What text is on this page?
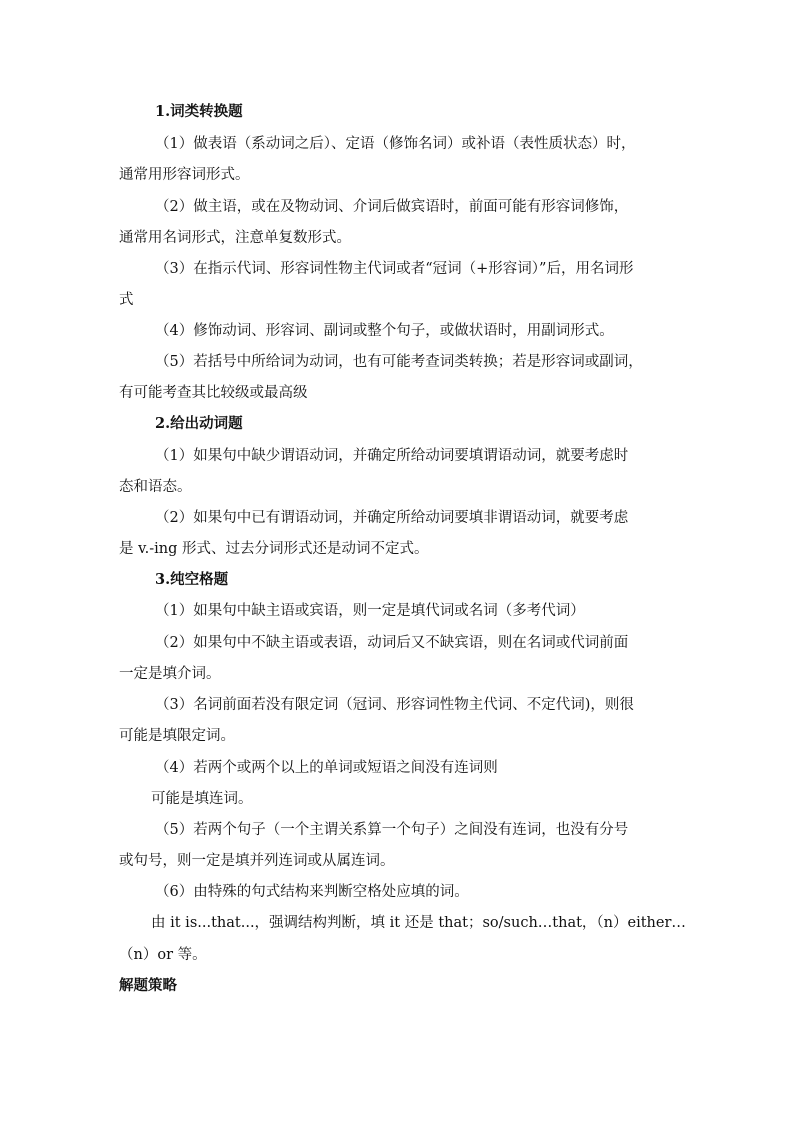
1.词类转换题
（1）做表语（系动词之后）、定语（修饰名词）或补语（表性质状态）时，
通常用形容词形式。
（2）做主语，或在及物动词、介词后做宾语时，前面可能有形容词修饰，
通常用名词形式，注意单复数形式。
（3）在指示代词、形容词性物主代词或者“冠词（+形容词）”后，用名词形
式
（4）修饰动词、形容词、副词或整个句子，或做状语时，用副词形式。
（5）若括号中所给词为动词，也有可能考查词类转换；若是形容词或副词，
有可能考查其比较级或最高级
2.给出动词题
（1）如果句中缺少谓语动词，并确定所给动词要填谓语动词，就要考虑时
态和语态。
（2）如果句中已有谓语动词，并确定所给动词要填非谓语动词，就要考虑
是 v.-ing 形式、过去分词形式还是动词不定式。
3.纯空格题
（1）如果句中缺主语或宾语，则一定是填代词或名词（多考代词）
（2）如果句中不缺主语或表语，动词后又不缺宾语，则在名词或代词前面
一定是填介词。
（3）名词前面若没有限定词（冠词、形容词性物主代词、不定代词)，则很
可能是填限定词。
（4）若两个或两个以上的单词或短语之间没有连词则
可能是填连词。
（5）若两个句子（一个主谓关系算一个句子）之间没有连词，也没有分号
或句号，则一定是填并列连词或从属连词。
（6）由特殊的句式结构来判断空格处应填的词。
由 it is...that...，强调结构判断，填 it 还是 that；so/such…that，（n）either…
（n）or 等。
解题策略
